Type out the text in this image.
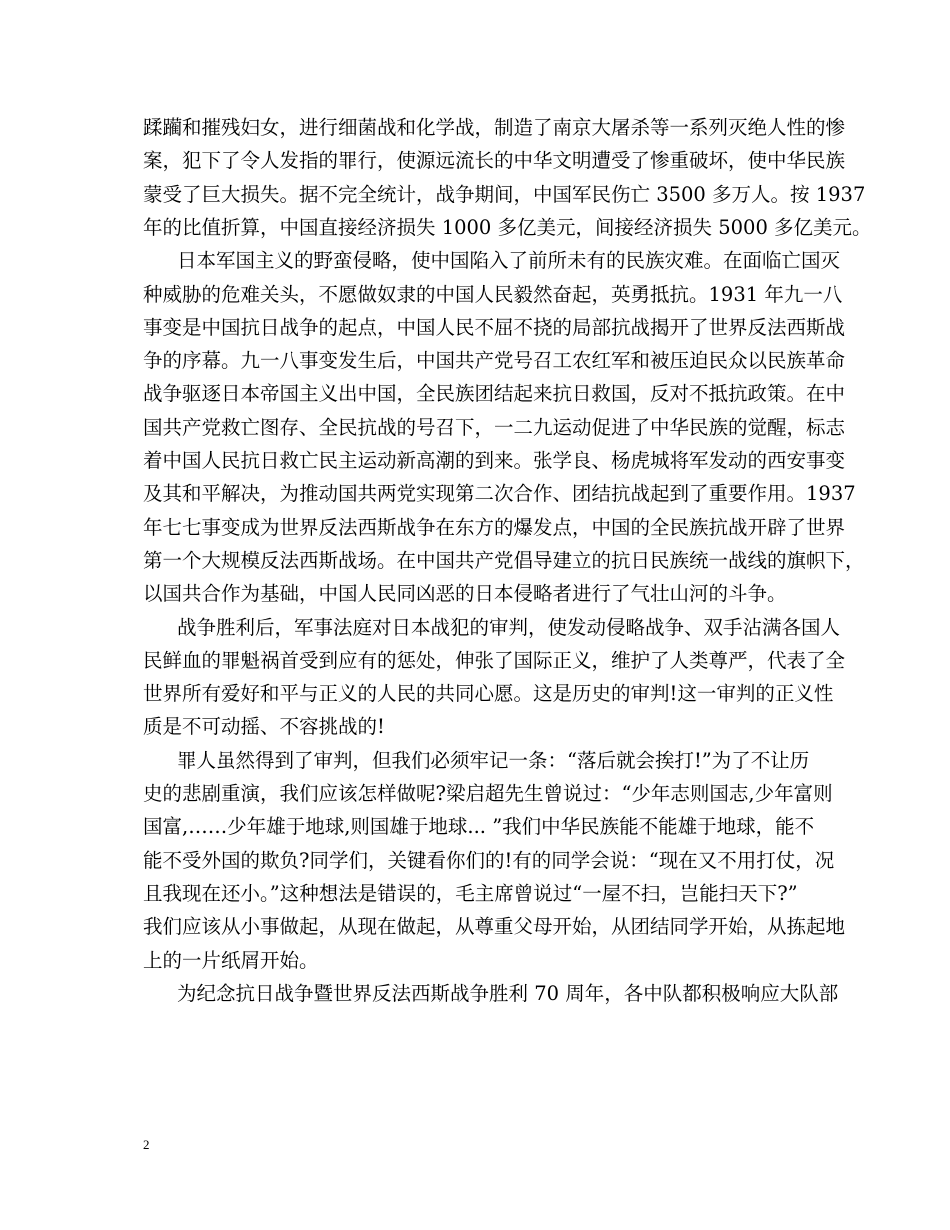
蹂躏和摧残妇女，进行细菌战和化学战，制造了南京大屠杀等一系列灭绝人性的惨
案，犯下了令人发指的罪行，使源远流长的中华文明遭受了惨重破坏，使中华民族
蒙受了巨大损失。据不完全统计，战争期间，中国军民伤亡 3500 多万人。按 1937
年的比值折算，中国直接经济损失 1000 多亿美元，间接经济损失 5000 多亿美元。
日本军国主义的野蛮侵略，使中国陷入了前所未有的民族灾难。在面临亡国灭
种威胁的危难关头，不愿做奴隶的中国人民毅然奋起，英勇抵抗。1931 年九一八
事变是中国抗日战争的起点，中国人民不屈不挠的局部抗战揭开了世界反法西斯战
争的序幕。九一八事变发生后，中国共产党号召工农红军和被压迫民众以民族革命
战争驱逐日本帝国主义出中国，全民族团结起来抗日救国，反对不抵抗政策。在中
国共产党救亡图存、全民抗战的号召下，一二九运动促进了中华民族的觉醒，标志
着中国人民抗日救亡民主运动新高潮的到来。张学良、杨虎城将军发动的西安事变
及其和平解决，为推动国共两党实现第二次合作、团结抗战起到了重要作用。1937
年七七事变成为世界反法西斯战争在东方的爆发点，中国的全民族抗战开辟了世界
第一个大规模反法西斯战场。在中国共产党倡导建立的抗日民族统一战线的旗帜下，
以国共合作为基础，中国人民同凶恶的日本侵略者进行了气壮山河的斗争。
战争胜利后，军事法庭对日本战犯的审判，使发动侵略战争、双手沾满各国人
民鲜血的罪魁祸首受到应有的惩处，伸张了国际正义，维护了人类尊严，代表了全
世界所有爱好和平与正义的人民的共同心愿。这是历史的审判!这一审判的正义性
质是不可动摇、不容挑战的!
罪人虽然得到了审判，但我们必须牢记一条：“落后就会挨打!”为了不让历
史的悲剧重演，我们应该怎样做呢?梁启超先生曾说过：“少年志则国志,少年富则
国富,……少年雄于地球,则国雄于地球... ”我们中华民族能不能雄于地球，能不
能不受外国的欺负?同学们，关键看你们的!有的同学会说：“现在又不用打仗，况
且我现在还小。”这种想法是错误的，毛主席曾说过“一屋不扫，岂能扫天下?”
我们应该从小事做起，从现在做起，从尊重父母开始，从团结同学开始，从拣起地
上的一片纸屑开始。
为纪念抗日战争暨世界反法西斯战争胜利 70 周年，各中队都积极响应大队部
2
